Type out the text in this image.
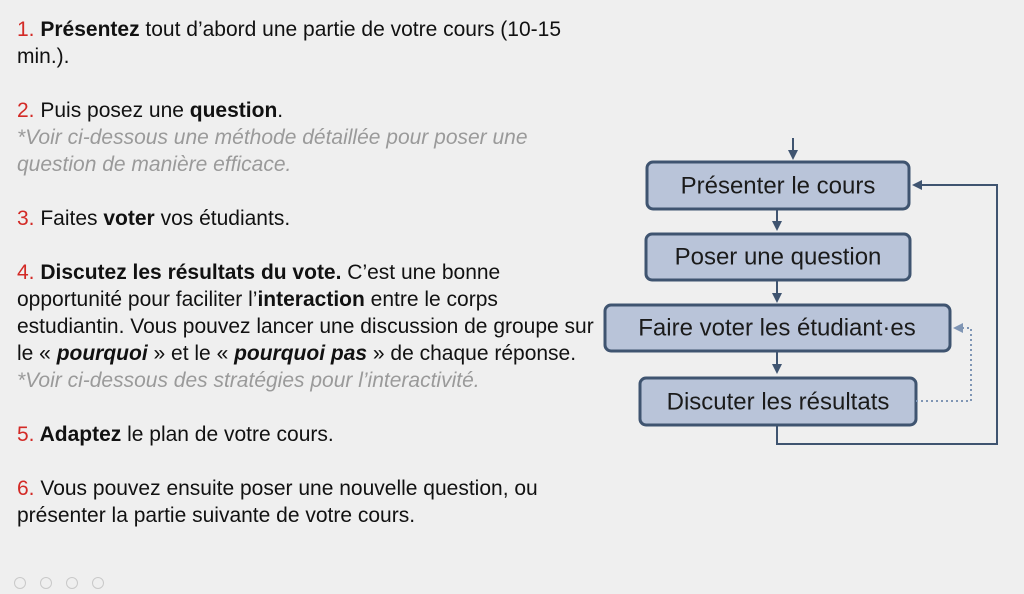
1. Présentez tout d’abord une partie de votre cours (10-15 min.).

2. Puis posez une question.
*Voir ci-dessous une méthode détaillée pour poser une question de manière efficace.

3. Faites voter vos étudiants.

4. Discutez les résultats du vote. C’est une bonne opportunité pour faciliter l’interaction entre le corps estudiantin. Vous pouvez lancer une discussion de groupe sur le « pourquoi » et le « pourquoi pas » de chaque réponse. *Voir ci-dessous des stratégies pour l’interactivité.

5. Adaptez le plan de votre cours.

6. Vous pouvez ensuite poser une nouvelle question, ou présenter la partie suivante de votre cours.

Présenter le cours
Poser une question
Faire voter les étudiant·es
Discuter les résultats
